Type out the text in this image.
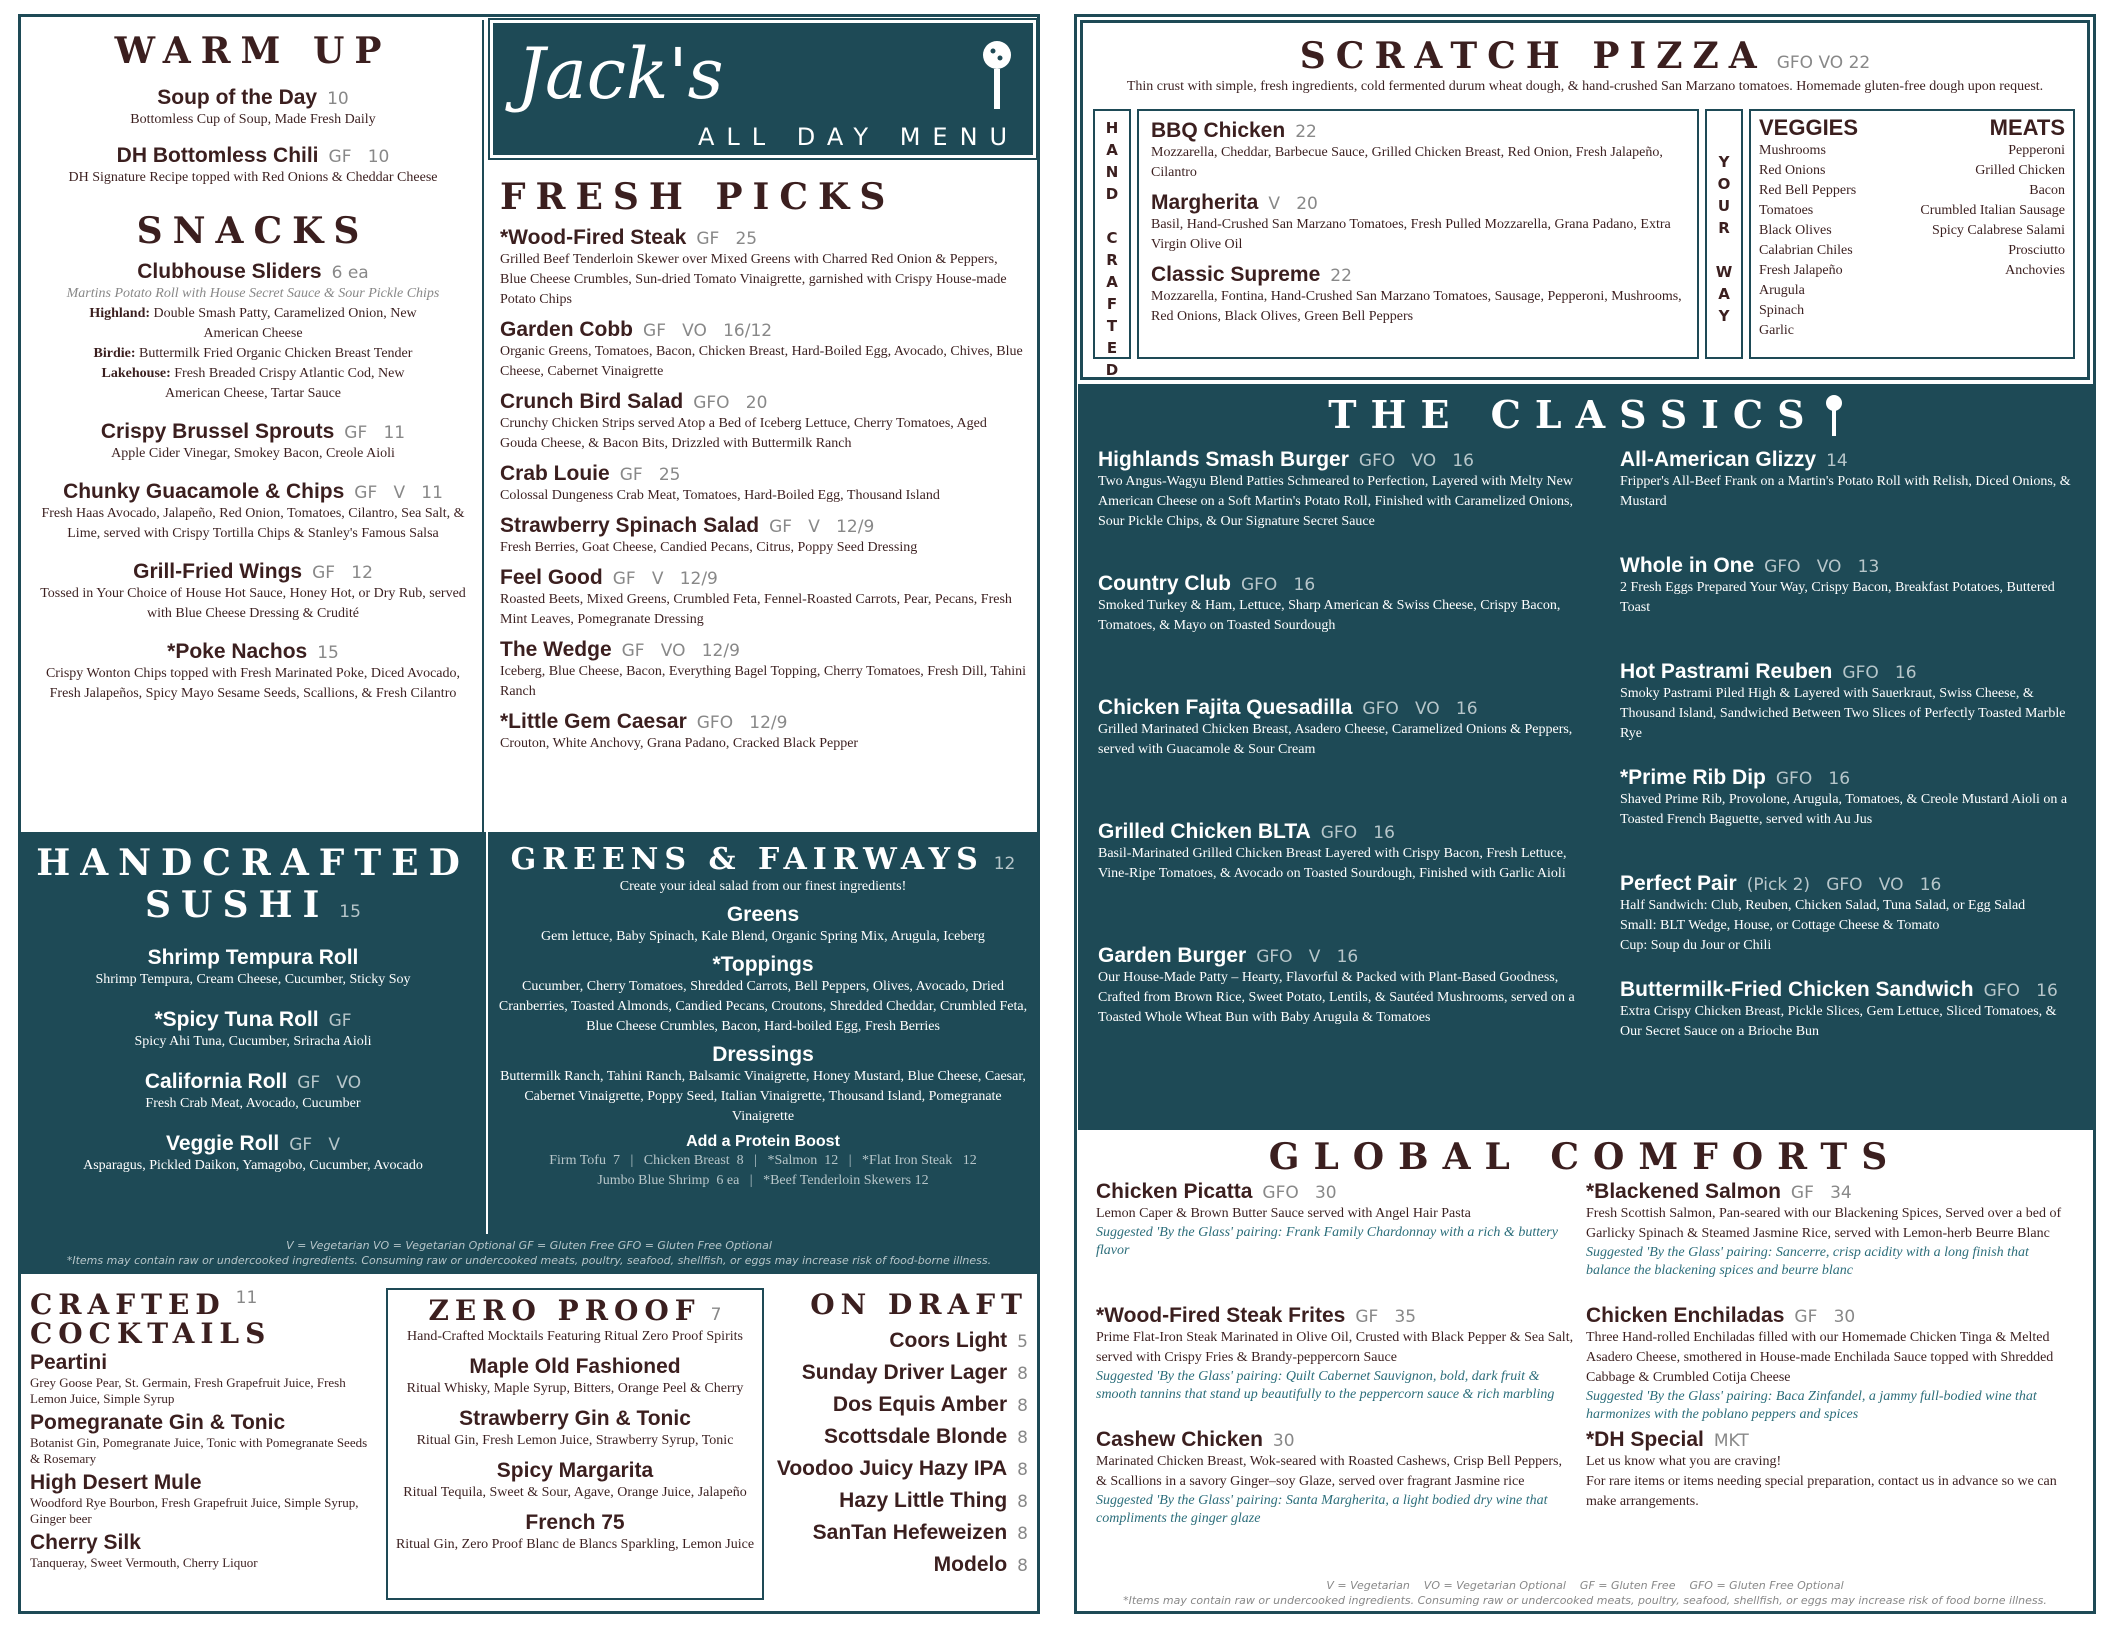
WARM UP
Soup of the Day 10
Bottomless Cup of Soup, Made Fresh Daily
DH Bottomless Chili GF   10
DH Signature Recipe topped with Red Onions & Cheddar Cheese
SNACKS
Clubhouse Sliders 6 ea
Martins Potato Roll with House Secret Sauce & Sour Pickle Chips
Highland: Double Smash Patty, Caramelized Onion, New American Cheese
Birdie: Buttermilk Fried Organic Chicken Breast Tender
Lakehouse: Fresh Breaded Crispy Atlantic Cod, New American Cheese, Tartar Sauce
Crispy Brussel Sprouts GF   11
Apple Cider Vinegar, Smokey Bacon, Creole Aioli
Chunky Guacamole & Chips GF   V   11
Fresh Haas Avocado, Jalapeño, Red Onion, Tomatoes, Cilantro, Sea Salt, & Lime, served with Crispy Tortilla Chips & Stanley's Famous Salsa
Grill-Fried Wings GF   12
Tossed in Your Choice of House Hot Sauce, Honey Hot, or Dry Rub, served with Blue Cheese Dressing & Crudité
*Poke Nachos 15
Crispy Wonton Chips topped with Fresh Marinated Poke, Diced Avocado, Fresh Jalapeños, Spicy Mayo Sesame Seeds, Scallions, & Fresh Cilantro
Jack's
ALL DAY MENU
FRESH PICKS
*Wood-Fired Steak GF   25
Grilled Beef Tenderloin Skewer over Mixed Greens with Charred Red Onion & Peppers, Blue Cheese Crumbles, Sun-dried Tomato Vinaigrette, garnished with Crispy House-made Potato Chips
Garden Cobb GF   VO   16/12
Organic Greens, Tomatoes, Bacon, Chicken Breast, Hard-Boiled Egg, Avocado, Chives, Blue Cheese, Cabernet Vinaigrette
Crunch Bird Salad GFO   20
Crunchy Chicken Strips served Atop a Bed of Iceberg Lettuce, Cherry Tomatoes, Aged Gouda Cheese, & Bacon Bits, Drizzled with Buttermilk Ranch
Crab Louie GF   25
Colossal Dungeness Crab Meat, Tomatoes, Hard-Boiled Egg, Thousand Island
Strawberry Spinach Salad GF   V   12/9
Fresh Berries, Goat Cheese, Candied Pecans, Citrus, Poppy Seed Dressing
Feel Good GF   V   12/9
Roasted Beets, Mixed Greens, Crumbled Feta, Fennel-Roasted Carrots, Pear, Pecans, Fresh Mint Leaves, Pomegranate Dressing
The Wedge GF   VO   12/9
Iceberg, Blue Cheese, Bacon, Everything Bagel Topping, Cherry Tomatoes, Fresh Dill, Tahini Ranch
*Little Gem Caesar GFO   12/9
Crouton, White Anchovy, Grana Padano, Cracked Black Pepper
HANDCRAFTED
SUSHI 15
Shrimp Tempura Roll
Shrimp Tempura, Cream Cheese, Cucumber, Sticky Soy
*Spicy Tuna Roll GF
Spicy Ahi Tuna, Cucumber, Sriracha Aioli
California Roll GF   VO
Fresh Crab Meat, Avocado, Cucumber
Veggie Roll GF   V
Asparagus, Pickled Daikon, Yamagobo, Cucumber, Avocado
GREENS & FAIRWAYS 12
Create your ideal salad from our finest ingredients!
Greens
Gem lettuce, Baby Spinach, Kale Blend, Organic Spring Mix, Arugula, Iceberg
*Toppings
Cucumber, Cherry Tomatoes, Shredded Carrots, Bell Peppers, Olives, Avocado, Dried Cranberries, Toasted Almonds, Candied Pecans, Croutons, Shredded Cheddar, Crumbled Feta, Blue Cheese Crumbles, Bacon, Hard-boiled Egg, Fresh Berries
Dressings
Buttermilk Ranch, Tahini Ranch, Balsamic Vinaigrette, Honey Mustard, Blue Cheese, Caesar, Cabernet Vinaigrette, Poppy Seed, Italian Vinaigrette, Thousand Island, Pomegranate Vinaigrette
Add a Protein Boost
Firm Tofu  7   |   Chicken Breast  8   |   *Salmon  12   |   *Flat Iron Steak   12
Jumbo Blue Shrimp  6 ea   |   *Beef Tenderloin Skewers 12
V = Vegetarian VO = Vegetarian Optional GF = Gluten Free GFO = Gluten Free Optional
*Items may contain raw or undercooked ingredients. Consuming raw or undercooked meats, poultry, seafood, shellfish, or eggs may increase risk of food-borne illness.
CRAFTED 11
COCKTAILS
Peartini
Grey Goose Pear, St. Germain, Fresh Grapefruit Juice, Fresh Lemon Juice, Simple Syrup
Pomegranate Gin & Tonic
Botanist Gin, Pomegranate Juice, Tonic with Pomegranate Seeds & Rosemary
High Desert Mule
Woodford Rye Bourbon, Fresh Grapefruit Juice, Simple Syrup, Ginger beer
Cherry Silk
Tanqueray, Sweet Vermouth, Cherry Liquor
ZERO PROOF 7
Hand-Crafted Mocktails Featuring Ritual Zero Proof Spirits
Maple Old Fashioned
Ritual Whisky, Maple Syrup, Bitters, Orange Peel & Cherry
Strawberry Gin & Tonic
Ritual Gin, Fresh Lemon Juice, Strawberry Syrup, Tonic
Spicy Margarita
Ritual Tequila, Sweet & Sour, Agave, Orange Juice, Jalapeño
French 75
Ritual Gin, Zero Proof Blanc de Blancs Sparkling, Lemon Juice
ON DRAFT
Coors Light 5
Sunday Driver Lager 8
Dos Equis Amber 8
Scottsdale Blonde 8
Voodoo Juicy Hazy IPA 8
Hazy Little Thing 8
SanTan Hefeweizen 8
Modelo 8
SCRATCH PIZZA GFO VO 22
Thin crust with simple, fresh ingredients, cold fermented durum wheat dough, & hand-crushed San Marzano tomatoes. Homemade gluten-free dough upon request.
H
A
N
D

C
R
A
F
T
E
D
BBQ Chicken 22
Mozzarella, Cheddar, Barbecue Sauce, Grilled Chicken Breast, Red Onion, Fresh Jalapeño, Cilantro
Margherita V   20
Basil, Hand-Crushed San Marzano Tomatoes, Fresh Pulled Mozzarella, Grana Padano, Extra Virgin Olive Oil
Classic Supreme 22
Mozzarella, Fontina, Hand-Crushed San Marzano Tomatoes, Sausage, Pepperoni, Mushrooms, Red Onions, Black Olives, Green Bell Peppers
Y
O
U
R

W
A
Y
VEGGIES	MEATS
Mushrooms
Red Onions
Red Bell Peppers
Tomatoes
Black Olives
Calabrian Chiles
Fresh Jalapeño
Arugula
Spinach
Garlic
Pepperoni
Grilled Chicken
Bacon
Crumbled Italian Sausage
Spicy Calabrese Salami
Prosciutto
Anchovies
THE CLASSICS
Highlands Smash Burger GFO   VO   16
Two Angus-Wagyu Blend Patties Schmeared to Perfection, Layered with Melty New American Cheese on a Soft Martin's Potato Roll, Finished with Caramelized Onions, Sour Pickle Chips, & Our Signature Secret Sauce
Country Club GFO   16
Smoked Turkey & Ham, Lettuce, Sharp American & Swiss Cheese, Crispy Bacon, Tomatoes, & Mayo on Toasted Sourdough
Chicken Fajita Quesadilla GFO   VO   16
Grilled Marinated Chicken Breast, Asadero Cheese, Caramelized Onions & Peppers, served with Guacamole & Sour Cream
Grilled Chicken BLTA GFO   16
Basil-Marinated Grilled Chicken Breast Layered with Crispy Bacon, Fresh Lettuce, Vine-Ripe Tomatoes, & Avocado on Toasted Sourdough, Finished with Garlic Aioli
Garden Burger GFO   V   16
Our House-Made Patty – Hearty, Flavorful & Packed with Plant-Based Goodness, Crafted from Brown Rice, Sweet Potato, Lentils, & Sautéed Mushrooms, served on a Toasted Whole Wheat Bun with Baby Arugula & Tomatoes
All-American Glizzy 14
Fripper's All-Beef Frank on a Martin's Potato Roll with Relish, Diced Onions, & Mustard
Whole in One GFO   VO   13
2 Fresh Eggs Prepared Your Way, Crispy Bacon, Breakfast Potatoes, Buttered Toast
Hot Pastrami Reuben GFO   16
Smoky Pastrami Piled High & Layered with Sauerkraut, Swiss Cheese, & Thousand Island, Sandwiched Between Two Slices of Perfectly Toasted Marble Rye
*Prime Rib Dip GFO   16
Shaved Prime Rib, Provolone, Arugula, Tomatoes, & Creole Mustard Aioli on a Toasted French Baguette, served with Au Jus
Perfect Pair (Pick 2)   GFO   VO   16
Half Sandwich: Club, Reuben, Chicken Salad, Tuna Salad, or Egg Salad
Small: BLT Wedge, House, or Cottage Cheese & Tomato
Cup: Soup du Jour or Chili
Buttermilk-Fried Chicken Sandwich GFO   16
Extra Crispy Chicken Breast, Pickle Slices, Gem Lettuce, Sliced Tomatoes, & Our Secret Sauce on a Brioche Bun
GLOBAL COMFORTS
Chicken Picatta GFO   30
Lemon Caper & Brown Butter Sauce served with Angel Hair Pasta
Suggested 'By the Glass' pairing: Frank Family Chardonnay with a rich & buttery flavor
*Wood-Fired Steak Frites GF   35
Prime Flat-Iron Steak Marinated in Olive Oil, Crusted with Black Pepper & Sea Salt, served with Crispy Fries & Brandy-peppercorn Sauce
Suggested 'By the Glass' pairing: Quilt Cabernet Sauvignon, bold, dark fruit & smooth tannins that stand up beautifully to the peppercorn sauce & rich marbling
Cashew Chicken 30
Marinated Chicken Breast, Wok-seared with Roasted Cashews, Crisp Bell Peppers, & Scallions in a savory Ginger–soy Glaze, served over fragrant Jasmine rice
Suggested 'By the Glass' pairing: Santa Margherita, a light bodied dry wine that compliments the ginger glaze
*Blackened Salmon GF   34
Fresh Scottish Salmon, Pan-seared with our Blackening Spices, Served over a bed of Garlicky Spinach & Steamed Jasmine Rice, served with Lemon-herb Beurre Blanc
Suggested 'By the Glass' pairing: Sancerre, crisp acidity with a long finish that balance the blackening spices and beurre blanc
Chicken Enchiladas GF   30
Three Hand-rolled Enchiladas filled with our Homemade Chicken Tinga & Melted Asadero Cheese, smothered in House-made Enchilada Sauce topped with Shredded Cabbage & Crumbled Cotija Cheese
Suggested 'By the Glass' pairing: Baca Zinfandel, a jammy full-bodied wine that harmonizes with the poblano peppers and spices
*DH Special MKT
Let us know what you are craving!
For rare items or items needing special preparation, contact us in advance so we can make arrangements.
V = Vegetarian    VO = Vegetarian Optional    GF = Gluten Free    GFO = Gluten Free Optional
*Items may contain raw or undercooked ingredients. Consuming raw or undercooked meats, poultry, seafood, shellfish, or eggs may increase risk of food borne illness.
